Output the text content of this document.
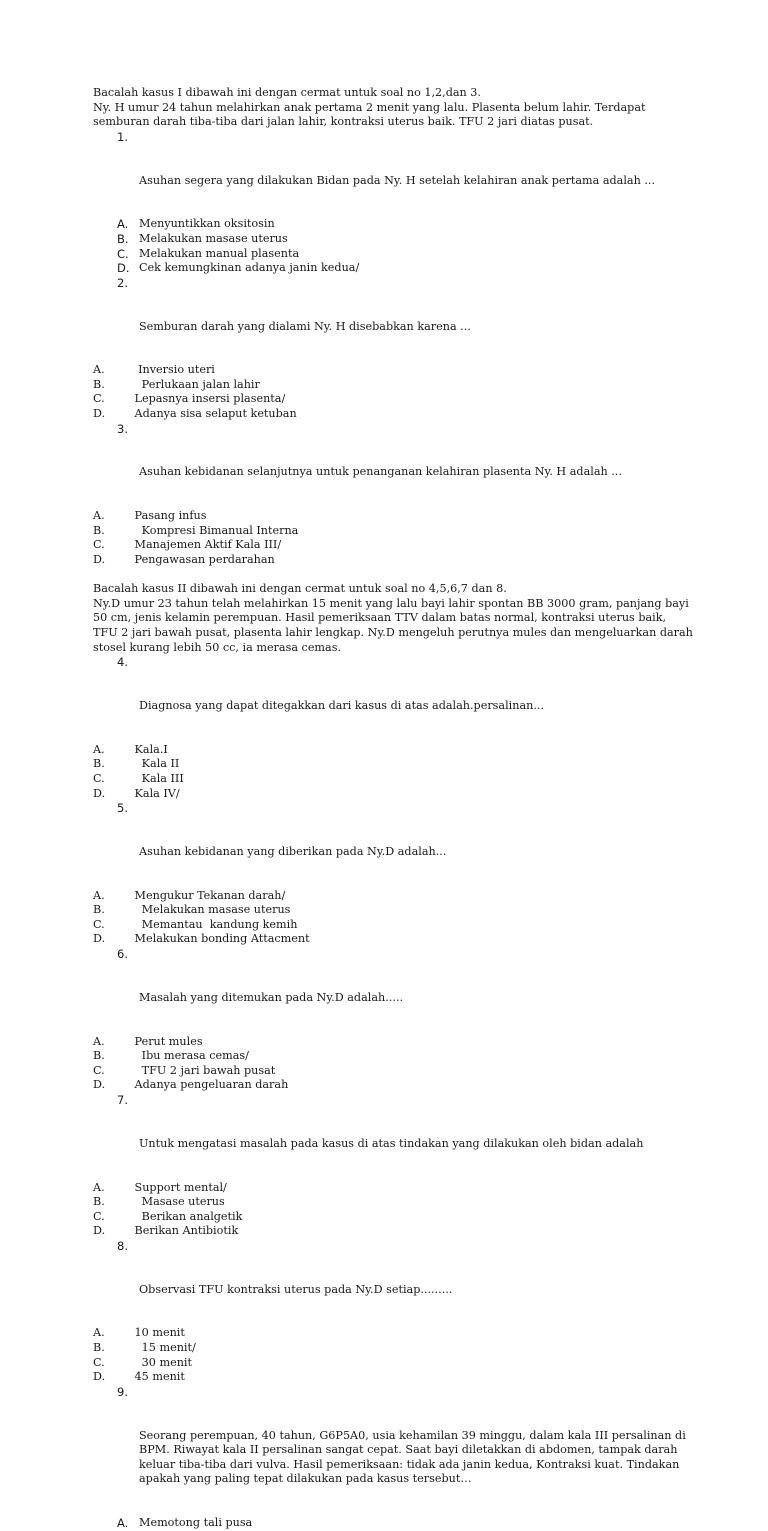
Bacalah kasus I dibawah ini dengan cermat untuk soal no 1,2,dan 3.

Ny. H umur 24 tahun melahirkan anak pertama 2 menit yang lalu. Plasenta belum lahir. Terdapat semburan darah tiba-tiba dari jalan lahir, kontraksi uterus baik. TFU 2 jari diatas pusat.

1.

Asuhan segera yang dilakukan Bidan pada Ny. H setelah kelahiran anak pertama adalah ...

A. Menyuntikkan oksitosin
B. Melakukan masase uterus
C. Melakukan manual plasenta
D. Cek kemungkinan adanya janin kedua/

2.

Semburan darah yang dialami Ny. H disebabkan karena ...

A. Inversio uteri
B. Perlukaan jalan lahir
C. Lepasnya insersi plasenta/
D. Adanya sisa selaput ketuban

3.

Asuhan kebidanan selanjutnya untuk penanganan kelahiran plasenta Ny. H adalah ...

A. Pasang infus
B. Kompresi Bimanual Interna
C. Manajemen Aktif Kala III/
D. Pengawasan perdarahan

Bacalah kasus II dibawah ini dengan cermat untuk soal no 4,5,6,7 dan 8.

Ny.D umur 23 tahun telah melahirkan 15 menit yang lalu bayi lahir spontan BB 3000 gram, panjang bayi 50 cm, jenis kelamin perempuan. Hasil pemeriksaan TTV dalam batas normal, kontraksi uterus baik, TFU 2 jari bawah pusat, plasenta lahir lengkap. Ny.D mengeluh perutnya mules dan mengeluarkan darah stosel kurang lebih 50 cc, ia merasa cemas.

4.

Diagnosa yang dapat ditegakkan dari kasus di atas adalah.persalinan...

A. Kala.I
B. Kala II
C. Kala III
D. Kala IV/

5.

Asuhan kebidanan yang diberikan pada Ny.D adalah...

A. Mengukur Tekanan darah/
B. Melakukan masase uterus
C. Memantau  kandung kemih
D. Melakukan bonding Attacment

6.

Masalah yang ditemukan pada Ny.D adalah.....

A. Perut mules
B. Ibu merasa cemas/
C. TFU 2 jari bawah pusat
D. Adanya pengeluaran darah

7.

Untuk mengatasi masalah pada kasus di atas tindakan yang dilakukan oleh bidan adalah

A. Support mental/
B. Masase uterus
C. Berikan analgetik
D. Berikan Antibiotik

8.

Observasi TFU kontraksi uterus pada Ny.D setiap.........

A. 10 menit
B. 15 menit/
C. 30 menit
D. 45 menit

9.

Seorang perempuan, 40 tahun, G6P5A0, usia kehamilan 39 minggu, dalam kala III persalinan di BPM. Riwayat kala II persalinan sangat cepat. Saat bayi diletakkan di abdomen, tampak darah keluar tiba-tiba dari vulva. Hasil pemeriksaan: tidak ada janin kedua, Kontraksi kuat. Tindakan apakah yang paling tepat dilakukan pada kasus tersebut…

A. Memotong tali pusa
